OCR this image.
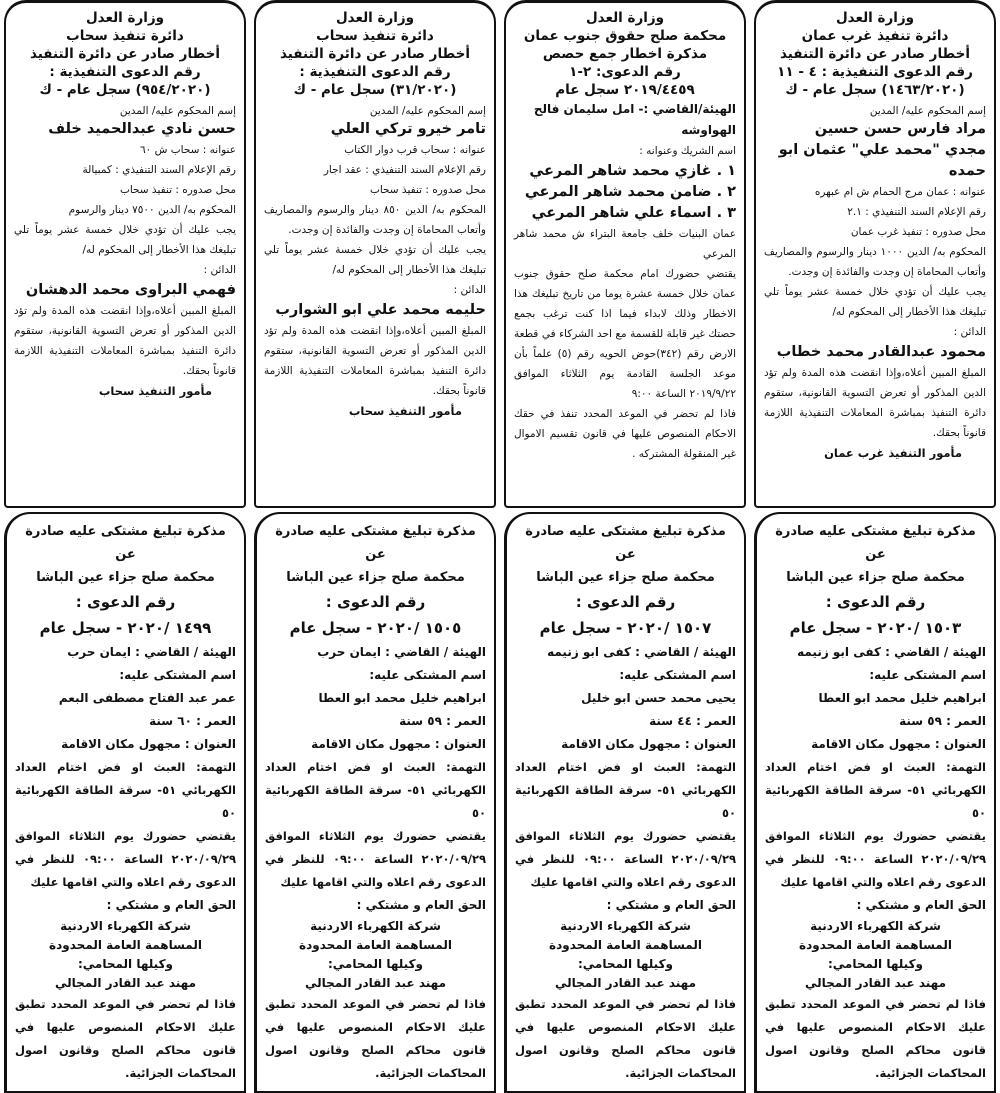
وزارة العدل
دائرة تنفيذ غرب عمان
أخطار صادر عن دائرة التنفيذ
رقم الدعوى التنفيذية : ٤ - ١١
(١٤٦٣/٢٠٢٠) سجل عام - ك
إسم المحكوم عليه/ المدين
مراد فارس حسن حسين
مجدي "محمد علي" عثمان ابو حمده
عنوانه : عمان مرج الحمام ش ام عبهره
رقم الإعلام السند التنفيذي : ٢.١
محل صدوره : تنفيذ غرب عمان
المحكوم به/ الدين ١٠٠٠ دينار والرسوم والمصاريف وأتعاب المحاماة إن وجدت والفائدة إن وجدت.
يجب عليك أن تؤدي خلال خمسة عشر يوماً تلي تبليغك هذا الأخطار إلى المحكوم له/
الدائن :
محمود عبدالقادر محمد خطاب
المبلغ المبين أعلاه،وإذا انقضت هذه المدة ولم تؤد الدين المذكور أو تعرض التسوية القانونية، ستقوم دائرة التنفيذ بمباشرة المعاملات التنفيذية اللازمة قانوناً بحقك.
مأمور التنفيذ غرب عمان
وزارة العدل
محكمة صلح حقوق جنوب عمان
مذكرة اخطار جمع حصص
رقم الدعوى: ٢-١
٢٠١٩/٤٤٥٩ سجل عام
الهيئة/القاضي :- امل سليمان فالح الهواوشه
اسم الشريك وعنوانه :
١ . غازي محمد شاهر المرعي
٢ . ضامن محمد شاهر المرعي
٣ . اسماء علي شاهر المرعي
عمان البنيات خلف جامعة البتراء ش محمد شاهر المرعي
يقتضي حضورك امام محكمة صلح حقوق جنوب عمان خلال خمسة عشرة يوما من تاريخ تبليغك هذا الاخطار وذلك لابداء فيما اذا كنت ترغب بجمع حصتك غير قابلة للقسمة مع احد الشركاء في قطعة الارض رقم (٣٤٢)حوض الحويه رقم (٥) علماً بأن موعد الجلسة القادمة يوم الثلاثاء الموافق ٢٠١٩/٩/٢٢ الساعة ٩:٠٠
فاذا لم تحضر في الموعد المحدد تنفذ في حقك الاحكام المنصوص عليها في قانون تقسيم الاموال غير المنقولة المشتركه .
وزارة العدل
دائرة تنفيذ سحاب
أخطار صادر عن دائرة التنفيذ
رقم الدعوى التنفيذية :
(٣١/٢٠٢٠) سجل عام - ك
إسم المحكوم عليه/ المدين
تامر خيرو تركي العلي
عنوانه : سحاب قرب دوار الكتاب
رقم الإعلام السند التنفيذي : عقد اجار
محل صدوره : تنفيذ سحاب
المحكوم به/ الدين ٨٥٠ دينار والرسوم والمصاريف وأتعاب المحاماة إن وجدت والفائدة إن وجدت.
يجب عليك أن تؤدي خلال خمسة عشر يوماً تلي تبليغك هذا الأخطار إلى المحكوم له/
الدائن :
حليمه محمد علي ابو الشوارب
المبلغ المبين أعلاه،وإذا انقضت هذه المدة ولم تؤد الدين المذكور أو تعرض التسوية القانونية، ستقوم دائرة التنفيذ بمباشرة المعاملات التنفيذية اللازمة قانوناً بحقك.
مأمور التنفيذ سحاب
وزارة العدل
دائرة تنفيذ سحاب
أخطار صادر عن دائرة التنفيذ
رقم الدعوى التنفيذية :
(٩٥٤/٢٠٢٠) سجل عام - ك
إسم المحكوم عليه/ المدين
حسن نادي عبدالحميد خلف
عنوانه : سحاب ش ٦٠
رقم الإعلام السند التنفيذي : كمبيالة
محل صدوره : تنفيذ سحاب
المحكوم به/ الدين ٧٥٠٠ دينار والرسوم
يجب عليك أن تؤدي خلال خمسة عشر يوماً تلي تبليغك هذا الأخطار إلى المحكوم له/
الدائن :
فهمي البراوى محمد الدهشان
المبلغ المبين أعلاه،وإذا انقضت هذه المدة ولم تؤد الدين المذكور أو تعرض التسوية القانونية، ستقوم دائرة التنفيذ بمباشرة المعاملات التنفيذية اللازمة قانوناً بحقك.
مأمور التنفيذ سحاب
مذكرة تبليغ مشتكى عليه صادرة عن
محكمة صلح جزاء عين الباشا
رقم الدعوى :
١٥٠٣ /٢٠٢٠ - سجل عام
الهيئة / القاضي : كفى ابو زنيمه
اسم المشتكى عليه:
ابراهيم خليل محمد ابو العطا
العمر : ٥٩ سنة
العنوان : مجهول مكان الاقامة
التهمة: العبث او فض اختام العداد الكهربائي ٥١- سرقة الطاقة الكهربائية ٥٠
يقتضي حضورك يوم الثلاثاء الموافق ٢٠٢٠/٠٩/٢٩ الساعة ٠٩:٠٠ للنظر في الدعوى رقم اعلاه والتي اقامها عليك
الحق العام و مشتكي :
شركة الكهرباء الاردنية
المساهمة العامة المحدودة
وكيلها المحامي:
مهند عبد القادر المجالي
فاذا لم تحضر في الموعد المحدد تطبق عليك الاحكام المنصوص عليها في قانون محاكم الصلح وقانون اصول المحاكمات الجزائية.
مذكرة تبليغ مشتكى عليه صادرة عن
محكمة صلح جزاء عين الباشا
رقم الدعوى :
١٥٠٧ /٢٠٢٠ - سجل عام
الهيئة / القاضي : كفى ابو زنيمه
اسم المشتكى عليه:
يحيى محمد حسن ابو خليل
العمر : ٤٤ سنة
العنوان : مجهول مكان الاقامة
التهمة: العبث او فض اختام العداد الكهربائي ٥١- سرقة الطاقة الكهربائية ٥٠
يقتضي حضورك يوم الثلاثاء الموافق ٢٠٢٠/٠٩/٢٩ الساعة ٠٩:٠٠ للنظر في الدعوى رقم اعلاه والتي اقامها عليك
الحق العام و مشتكي :
شركة الكهرباء الاردنية
المساهمة العامة المحدودة
وكيلها المحامي:
مهند عبد القادر المجالي
فاذا لم تحضر في الموعد المحدد تطبق عليك الاحكام المنصوص عليها في قانون محاكم الصلح وقانون اصول المحاكمات الجزائية.
مذكرة تبليغ مشتكى عليه صادرة عن
محكمة صلح جزاء عين الباشا
رقم الدعوى :
١٥٠٥ /٢٠٢٠ - سجل عام
الهيئة / القاضي : ايمان حرب
اسم المشتكى عليه:
ابراهيم خليل محمد ابو العطا
العمر : ٥٩ سنة
العنوان : مجهول مكان الاقامة
التهمة: العبث او فض اختام العداد الكهربائي ٥١- سرقة الطاقة الكهربائية ٥٠
يقتضي حضورك يوم الثلاثاء الموافق ٢٠٢٠/٠٩/٢٩ الساعة ٠٩:٠٠ للنظر في الدعوى رقم اعلاه والتي اقامها عليك
الحق العام و مشتكي :
شركة الكهرباء الاردنية
المساهمة العامة المحدودة
وكيلها المحامي:
مهند عبد القادر المجالي
فاذا لم تحضر في الموعد المحدد تطبق عليك الاحكام المنصوص عليها في قانون محاكم الصلح وقانون اصول المحاكمات الجزائية.
مذكرة تبليغ مشتكى عليه صادرة عن
محكمة صلح جزاء عين الباشا
رقم الدعوى :
١٤٩٩ /٢٠٢٠ - سجل عام
الهيئة / القاضي : ايمان حرب
اسم المشتكى عليه:
عمر عبد الفتاح مصطفى البعم
العمر : ٦٠ سنة
العنوان : مجهول مكان الاقامة
التهمة: العبث او فض اختام العداد الكهربائي ٥١- سرقة الطاقة الكهربائية ٥٠
يقتضي حضورك يوم الثلاثاء الموافق ٢٠٢٠/٠٩/٢٩ الساعة ٠٩:٠٠ للنظر في الدعوى رقم اعلاه والتي اقامها عليك
الحق العام و مشتكي :
شركة الكهرباء الاردنية
المساهمة العامة المحدودة
وكيلها المحامي:
مهند عبد القادر المجالي
فاذا لم تحضر في الموعد المحدد تطبق عليك الاحكام المنصوص عليها في قانون محاكم الصلح وقانون اصول المحاكمات الجزائية.
